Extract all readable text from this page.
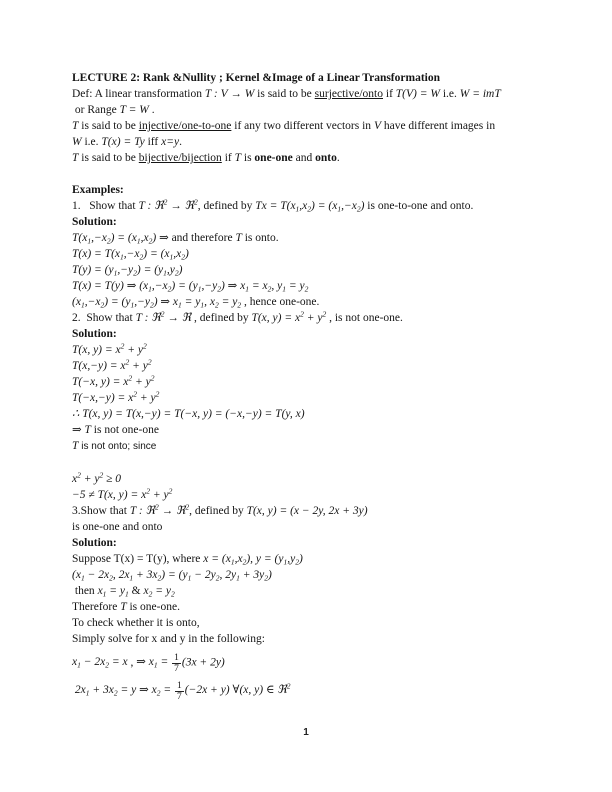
LECTURE 2: Rank &Nullity ; Kernel &Image of a Linear Transformation

Def: A linear transformation T : V → W is said to be surjective/onto if T(V) = W i.e. W = imT

or Range T = W .

T is said to be injective/one-to-one if any two different vectors in V have different images in

W i.e. T(x) = Ty iff x=y.

T is said to be bijective/bijection if T is one-one and onto.

Examples:

1.   Show that T : ℜ$^2$ → ℜ$^2$, defined by $Tx = T(x_1,x_2) = (x_1,-x_2)$ is one-to-one and onto.

Solution:

$T(x_1,-x_2) = (x_1,x_2)$ ⇒ and therefore T is onto.

$T(x) = T(x_1,-x_2) = (x_1,x_2)$

$T(y) = (y_1,-y_2) = (y_1,y_2)$

T(x) = T(y) ⇒ $(x_1,-x_2) = (y_1,-y_2)$ ⇒ $x_1 = x_2$, $y_1 = y_2$

$(x_1,-x_2) = (y_1,-y_2)$ ⇒ $x_1 = y_1$, $x_2 = y_2$ , hence one-one.

2.  Show that T : ℜ$^2$ → ℜ , defined by T(x, $y) = x^2 + y^2$ , is not one-one.

Solution:

T(x, $y) = x^2 + y^2$

$T(x,-y) = x^2 + y^2$

T(−x, $y) = x^2 + y^2$

$T(-x,-y) = x^2 + y^2$

∴ T(x, y) = T(x,−y) = T(−x, y) = (−x,−y) = T(y, x)

⇒ T is not one-one

T is not onto; since

$x^2 + y^2 \ge 0$

−5 ≠ T(x, $y) = x^2 + y^2$

3.Show that T : ℜ$^2$ → ℜ$^2$, defined by T(x, y) = (x − 2y, 2x + 3y)

is one-one and onto

Solution:

Suppose T(x) = T(y), where $x = (x_1,x_2)$, $y = (y_1,y_2)$

($x_1 - 2x_2$, $2x_1 + 3x_2) = (y_1 - 2y_2$, $2y_1 + 3y_2$)

then $x_1 = y_1$ & $x_2 = y_2$

Therefore T is one-one.

To check whether it is onto,

Simply solve for x and y in the following:

$x_1 - 2x_2 = x$ , ⇒ $x_1 = \frac{1}{7} (3x + 2y)$

$2x_1 + 3x_2 = y$ ⇒ $x_2 = \frac{1}{7} (-2x + y)$ ∀(x, y) ∈ ℜ$^2$

1
